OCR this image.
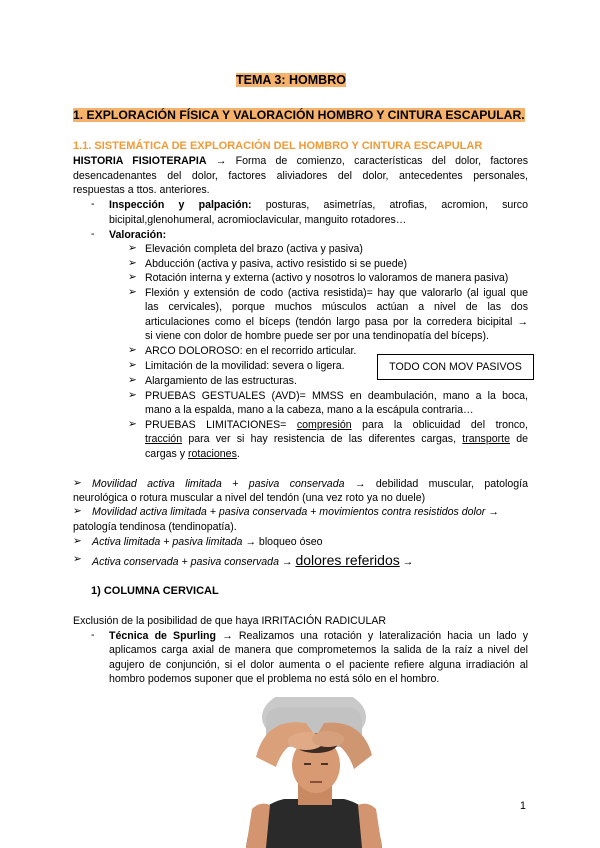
TEMA 3: HOMBRO
1. EXPLORACIÓN FÍSICA Y VALORACIÓN HOMBRO Y CINTURA ESCAPULAR.
1.1. SISTEMÁTICA DE EXPLORACIÓN DEL HOMBRO Y CINTURA ESCAPULAR
HISTORIA FISIOTERAPIA → Forma de comienzo, características del dolor, factores
desencadenantes del dolor, factores aliviadores del dolor, antecedentes personales,
respuestas a ttos. anteriores.
- Inspección y palpación: posturas, asimetrías, atrofias, acromion, surco
bicipital,glenohumeral, acromioclavicular, manguito rotadores…
- Valoración:
➢ Elevación completa del brazo (activa y pasiva)
➢ Abducción (activa y pasiva, activo resistido si se puede)
➢ Rotación interna y externa (activo y nosotros lo valoramos de manera pasiva)
➢ Flexión y extensión de codo (activa resistida)= hay que valorarlo (al igual que
las cervicales), porque muchos músculos actúan a nivel de las dos
articulaciones como el bíceps (tendón largo pasa por la corredera bicipital →
si viene con dolor de hombre puede ser por una tendinopatía del bíceps).
➢ ARCO DOLOROSO: en el recorrido articular.
➢ Limitación de la movilidad: severa o ligera.	TODO CON MOV PASIVOS
➢ Alargamiento de las estructuras.
➢ PRUEBAS GESTUALES (AVD)= MMSS en deambulación, mano a la boca,
mano a la espalda, mano a la cabeza, mano a la escápula contraria…
➢ PRUEBAS LIMITACIONES= compresión para la oblicuidad del tronco,
tracción para ver si hay resistencia de las diferentes cargas, transporte de
cargas y rotaciones.
➢ Movilidad activa limitada + pasiva conservada → debilidad muscular, patología
neurológica o rotura muscular a nivel del tendón (una vez roto ya no duele)
➢ Movilidad activa limitada + pasiva conservada + movimientos contra resistidos dolor →
patología tendinosa (tendinopatía).
➢ Activa limitada + pasiva limitada → bloqueo óseo
➢ Activa conservada + pasiva conservada → dolores referidos →
1) COLUMNA CERVICAL
Exclusión de la posibilidad de que haya IRRITACIÓN RADICULAR
- Técnica de Spurling → Realizamos una rotación y lateralización hacia un lado y
aplicamos carga axial de manera que comprometemos la salida de la raíz a nivel del
agujero de conjunción, si el dolor aumenta o el paciente refiere alguna irradiación al
hombro podemos suponer que el problema no está sólo en el hombro.
1
